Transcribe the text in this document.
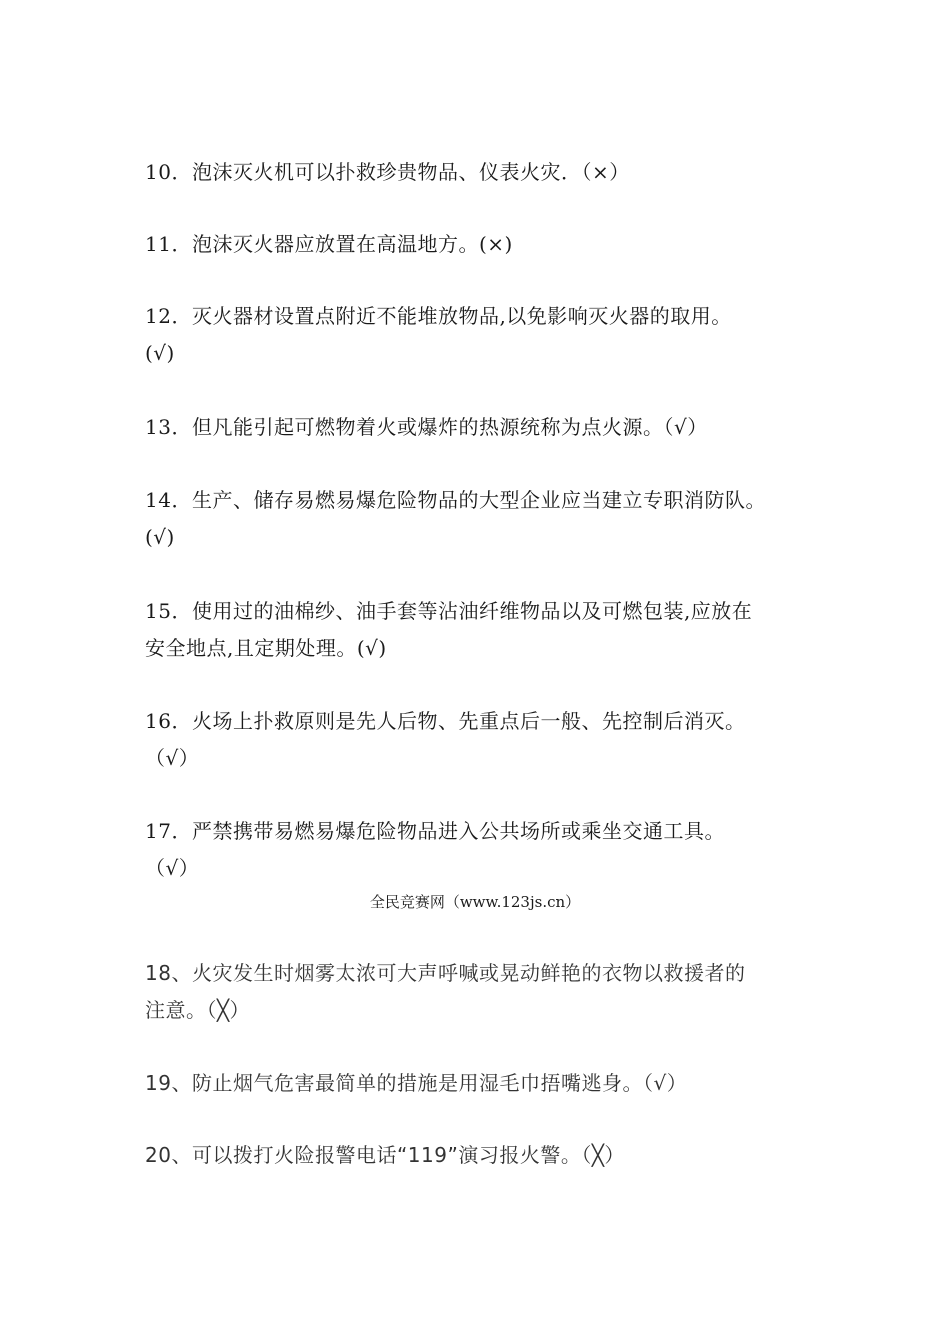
10．泡沫灭火机可以扑救珍贵物品、仪表火灾．（×）
11．泡沫灭火器应放置在高温地方。(×)
12．灭火器材设置点附近不能堆放物品,以免影响灭火器的取用。
(√)
13．但凡能引起可燃物着火或爆炸的热源统称为点火源。（√）
14．生产、储存易燃易爆危险物品的大型企业应当建立专职消防队。
(√)
15．使用过的油棉纱、油手套等沾油纤维物品以及可燃包装,应放在
安全地点,且定期处理。(√)
16．火场上扑救原则是先人后物、先重点后一般、先控制后消灭。
（√）
17．严禁携带易燃易爆危险物品进入公共场所或乘坐交通工具。
（√）
全民竞赛网（www.123js.cn）
18、火灾发生时烟雾太浓可大声呼喊或晃动鲜艳的衣物以救援者的
注意。（╳）
19、防止烟气危害最简单的措施是用湿毛巾捂嘴逃身。（√）
20、可以拨打火险报警电话“119”演习报火警。（╳）
